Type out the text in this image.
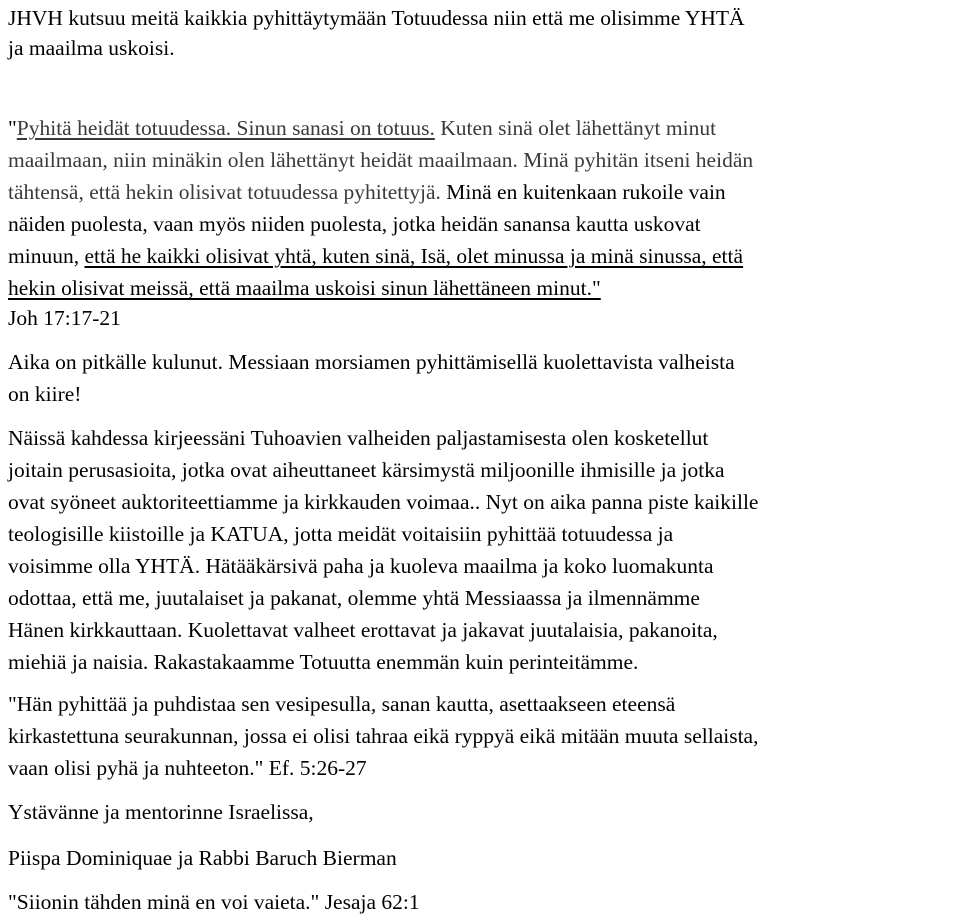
JHVH kutsuu meitä kaikkia pyhittäytymään Totuudessa niin että me olisimme YHTÄ
ja maailma uskoisi.
"Pyhitä heidät totuudessa. Sinun sanasi on totuus. Kuten sinä olet lähettänyt minut
maailmaan, niin minäkin olen lähettänyt heidät maailmaan. Minä pyhitän itseni heidän
tähtensä, että hekin olisivat totuudessa pyhitettyjä. Minä en kuitenkaan rukoile vain
näiden puolesta, vaan myös niiden puolesta, jotka heidän sanansa kautta uskovat
minuun, että he kaikki olisivat yhtä, kuten sinä, Isä, olet minussa ja minä sinussa, että
hekin olisivat meissä, että maailma uskoisi sinun lähettäneen minut."
Joh 17:17-21
Aika on pitkälle kulunut. Messiaan morsiamen pyhittämisellä kuolettavista valheista
on kiire!
Näissä kahdessa kirjeessäni Tuhoavien valheiden paljastamisesta olen kosketellut
joitain perusasioita, jotka ovat aiheuttaneet kärsimystä miljoonille ihmisille ja jotka
ovat syöneet auktoriteettiamme ja kirkkauden voimaa.. Nyt on aika panna piste kaikille
teologisille kiistoille ja KATUA, jotta meidät voitaisiin pyhittää totuudessa ja
voisimme olla YHTÄ. Hätääkärsivä paha ja kuoleva maailma ja koko luomakunta
odottaa, että me, juutalaiset ja pakanat, olemme yhtä Messiaassa ja ilmennämme
Hänen kirkkauttaan. Kuolettavat valheet erottavat ja jakavat juutalaisia, pakanoita,
miehiä ja naisia. Rakastakaamme Totuutta enemmän kuin perinteitämme.
"Hän pyhittää ja puhdistaa sen vesipesulla, sanan kautta, asettaakseen eteensä
kirkastettuna seurakunnan, jossa ei olisi tahraa eikä ryppyä eikä mitään muuta sellaista,
vaan olisi pyhä ja nuhteeton." Ef. 5:26-27
Ystävänne ja mentorinne Israelissa,
Piispa Dominiquae ja Rabbi Baruch Bierman
"Siionin tähden minä en voi vaieta." Jesaja 62:1
